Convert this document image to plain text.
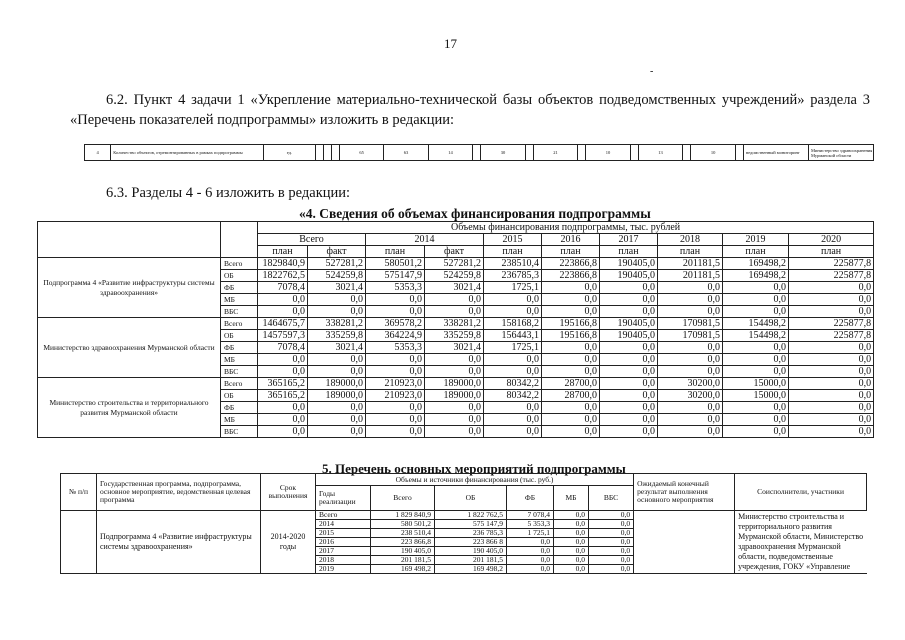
17
-
6.2. Пункт 4 задачи 1 «Укрепление материально-технической базы объектов подведомственных учреждений» раздела 3 «Перечень показателей подпрограммы» изложить в редакции:
4	Количество объектов, отремонтированных в рамках подпрограммы	ед.				65	63	14		30		21		10		13		10		ведомственный мониторинг	Министерство здравоохранения Мурманской области
6.3. Разделы 4 - 6 изложить в редакции:
«4. Сведения об объемах финансирования подпрограммы
		Объемы финансирования подпрограммы, тыс. рублей									
		Всего		2014		2015	2016	2017	2018	2019	2020
		план	факт	план	факт	план	план	план	план	план	план
Подпрограмма 4 «Развитие инфраструктуры системы здравоохранения»	Всего	1829840,9	527281,2	580501,2	527281,2	238510,4	223866,8	190405,0	201181,5	169498,2	225877,8
	ОБ	1822762,5	524259,8	575147,9	524259,8	236785,3	223866,8	190405,0	201181,5	169498,2	225877,8
	ФБ	7078,4	3021,4	5353,3	3021,4	1725,1	0,0	0,0	0,0	0,0	0,0
	МБ	0,0	0,0	0,0	0,0	0,0	0,0	0,0	0,0	0,0	0,0
	ВБС	0,0	0,0	0,0	0,0	0,0	0,0	0,0	0,0	0,0	0,0
Министерство здравоохранения Мурманской области	Всего	1464675,7	338281,2	369578,2	338281,2	158168,2	195166,8	190405,0	170981,5	154498,2	225877,8
	ОБ	1457597,3	335259,8	364224,9	335259,8	156443,1	195166,8	190405,0	170981,5	154498,2	225877,8
	ФБ	7078,4	3021,4	5353,3	3021,4	1725,1	0,0	0,0	0,0	0,0	0,0
	МБ	0,0	0,0	0,0	0,0	0,0	0,0	0,0	0,0	0,0	0,0
	ВБС	0,0	0,0	0,0	0,0	0,0	0,0	0,0	0,0	0,0	0,0
Министерство строительства и территориального развития Мурманской области	Всего	365165,2	189000,0	210923,0	189000,0	80342,2	28700,0	0,0	30200,0	15000,0	0,0
	ОБ	365165,2	189000,0	210923,0	189000,0	80342,2	28700,0	0,0	30200,0	15000,0	0,0
	ФБ	0,0	0,0	0,0	0,0	0,0	0,0	0,0	0,0	0,0	0,0
	МБ	0,0	0,0	0,0	0,0	0,0	0,0	0,0	0,0	0,0	0,0
	ВБС	0,0	0,0	0,0	0,0	0,0	0,0	0,0	0,0	0,0	0,0
5. Перечень основных мероприятий подпрограммы
№ п/п	Государственная программа, подпрограмма, основное мероприятие, ведомственная целевая программа	Срок выполнения	Объемы и источники финансирования (тыс. руб.)						Ожидаемый конечный результат выполнения основного мероприятия	Соисполнители, участники
			Годы реализации	Всего	ОБ	ФБ	МБ	ВБС		
	Подпрограмма 4 «Развитие инфраструктуры системы здравоохранения»	2014-2020 годы	Всего	1 829 840,9	1 822 762,5	7 078,4	0,0	0,0		Министерство строительства и территориального развития Мурманской области, Министерство здравоохранения Мурманской области, подведомственные учреждения, ГОКУ «Управление
			2014	580 501,2	575 147,9	5 353,3	0,0	0,0		
			2015	238 510,4	236 785,3	1 725,1	0,0	0,0		
			2016	223 866,8	223 866 8	0,0	0,0	0,0		
			2017	190 405,0	190 405,0	0,0	0,0	0,0		
			2018	201 181,5	201 181,5	0,0	0,0	0,0		
			2019	169 498,2	169 498,2	0,0	0,0	0,0		
